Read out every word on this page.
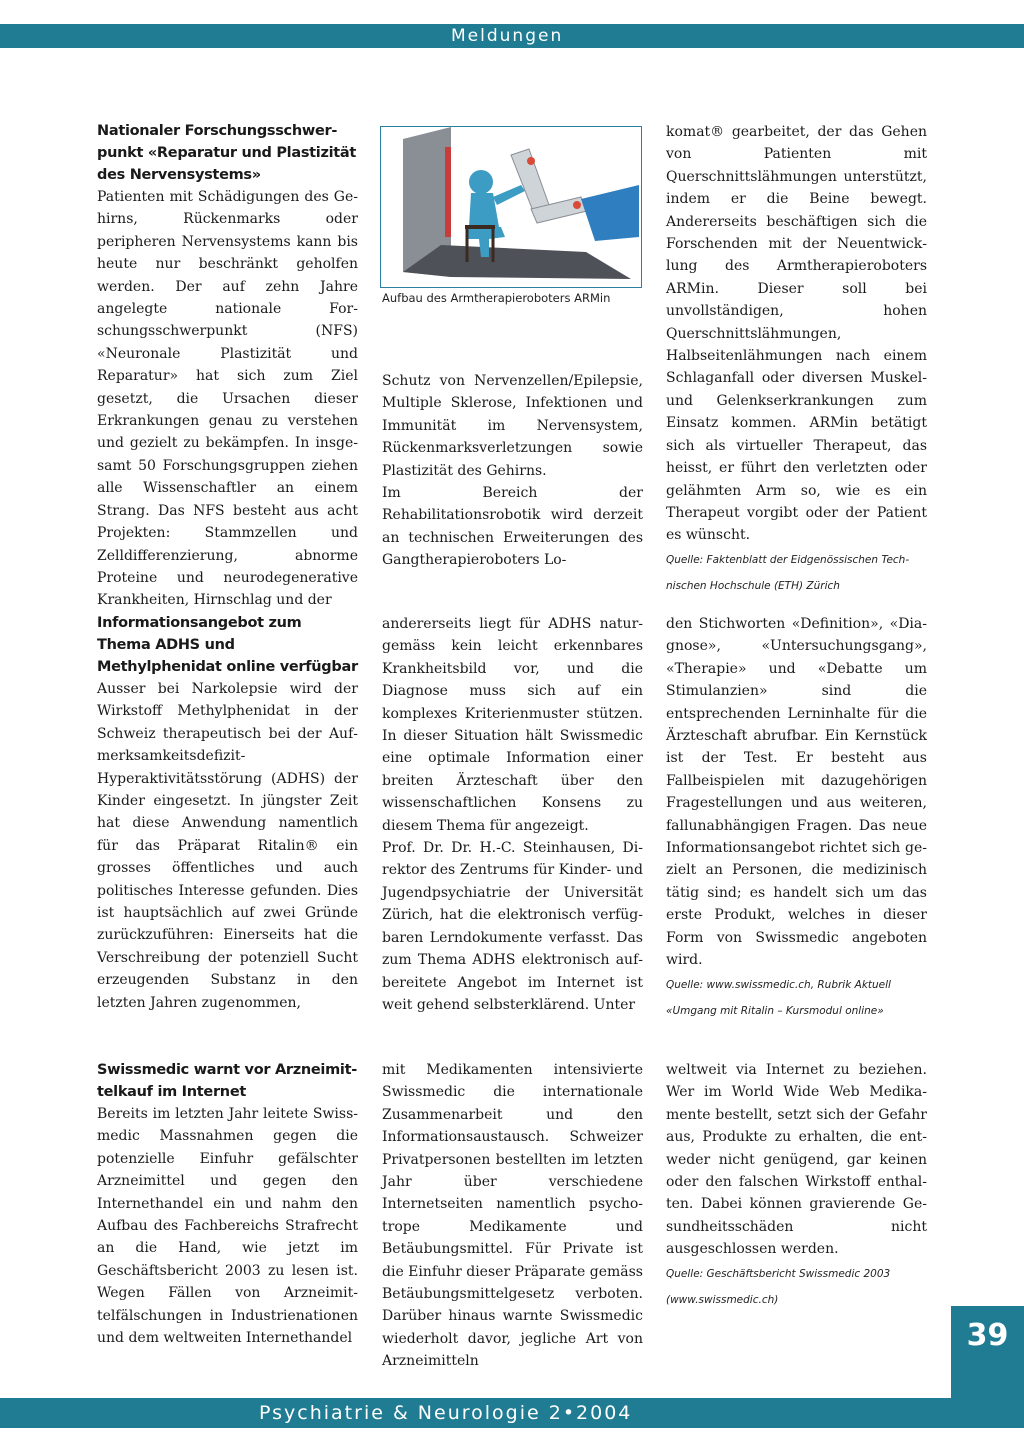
Meldungen

Nationaler Forschungsschwerpunkt «Reparatur und Plastizität des Nervensystems»

Patienten mit Schädigungen des Gehirns, Rückenmarks oder peripheren Nervensystems kann bis heute nur beschränkt geholfen werden. Der auf zehn Jahre angelegte nationale Forschungsschwerpunkt (NFS) «Neuronale Plastizität und Reparatur» hat sich zum Ziel gesetzt, die Ursachen dieser Erkrankungen genau zu verstehen und gezielt zu bekämpfen. In insgesamt 50 Forschungsgruppen ziehen alle Wissenschaftler an einem Strang. Das NFS besteht aus acht Projekten: Stammzellen und Zelldifferenzierung, abnorme Proteine und neurodegenerative Krankheiten, Hirnschlag und der

Aufbau des Armtherapieroboters ARMin

Schutz von Nervenzellen/Epilepsie, Multiple Sklerose, Infektionen und Immunität im Nervensystem, Rückenmarksverletzungen sowie Plastizität des Gehirns.

Im Bereich der Rehabilitationsrobotik wird derzeit an technischen Erweiterungen des Gangtherapieroboters Lo-

komat® gearbeitet, der das Gehen von Patienten mit Querschnittslähmungen unterstützt, indem er die Beine bewegt. Andererseits beschäftigen sich die Forschenden mit der Neuentwicklung des Armtherapieroboters ARMin. Dieser soll bei unvollständigen, hohen Querschnittslähmungen, Halbseitenlähmungen nach einem Schlaganfall oder diversen Muskel- und Gelenkserkrankungen zum Einsatz kommen. ARMin betätigt sich als virtueller Therapeut, das heisst, er führt den verletzten oder gelähmten Arm so, wie es ein Therapeut vorgibt oder der Patient es wünscht.

Quelle: Faktenblatt der Eidgenössischen Technischen Hochschule (ETH) Zürich

Informationsangebot zum Thema ADHS und Methylphenidat online verfügbar

Ausser bei Narkolepsie wird der Wirkstoff Methylphenidat in der Schweiz therapeutisch bei der Aufmerksamkeitsdefizit-Hyperaktivitätsstörung (ADHS) der Kinder eingesetzt. In jüngster Zeit hat diese Anwendung namentlich für das Präparat Ritalin® ein grosses öffentliches und auch politisches Interesse gefunden. Dies ist hauptsächlich auf zwei Gründe zurückzuführen: Einerseits hat die Verschreibung der potenziell Sucht erzeugenden Substanz in den letzten Jahren zugenommen,

andererseits liegt für ADHS naturgemäss kein leicht erkennbares Krankheitsbild vor, und die Diagnose muss sich auf ein komplexes Kriterienmuster stützen. In dieser Situation hält Swissmedic eine optimale Information einer breiten Ärzteschaft über den wissenschaftlichen Konsens zu diesem Thema für angezeigt.

Prof. Dr. Dr. H.-C. Steinhausen, Direktor des Zentrums für Kinder- und Jugendpsychiatrie der Universität Zürich, hat die elektronisch verfügbaren Lerndokumente verfasst. Das zum Thema ADHS elektronisch aufbereitete Angebot im Internet ist weit gehend selbsterklärend. Unter

den Stichworten «Definition», «Diagnose», «Untersuchungsgang», «Therapie» und «Debatte um Stimulanzien» sind die entsprechenden Lerninhalte für die Ärzteschaft abrufbar. Ein Kernstück ist der Test. Er besteht aus Fallbeispielen mit dazugehörigen Fragestellungen und aus weiteren, fallunabhängigen Fragen. Das neue Informationsangebot richtet sich gezielt an Personen, die medizinisch tätig sind; es handelt sich um das erste Produkt, welches in dieser Form von Swissmedic angeboten wird.

Quelle: www.swissmedic.ch, Rubrik Aktuell «Umgang mit Ritalin – Kursmodul online»

Swissmedic warnt vor Arzneimittelkauf im Internet

Bereits im letzten Jahr leitete Swissmedic Massnahmen gegen die potenzielle Einfuhr gefälschter Arzneimittel und gegen den Internethandel ein und nahm den Aufbau des Fachbereichs Strafrecht an die Hand, wie jetzt im Geschäftsbericht 2003 zu lesen ist. Wegen Fällen von Arzneimittelfälschungen in Industrienationen und dem weltweiten Internethandel

mit Medikamenten intensivierte Swissmedic die internationale Zusammenarbeit und den Informationsaustausch. Schweizer Privatpersonen bestellten im letzten Jahr über verschiedene Internetseiten namentlich psychotrope Medikamente und Betäubungsmittel. Für Private ist die Einfuhr dieser Präparate gemäss Betäubungsmittelgesetz verboten. Darüber hinaus warnte Swissmedic wiederholt davor, jegliche Art von Arzneimitteln

weltweit via Internet zu beziehen. Wer im World Wide Web Medikamente bestellt, setzt sich der Gefahr aus, Produkte zu erhalten, die entweder nicht genügend, gar keinen oder den falschen Wirkstoff enthalten. Dabei können gravierende Gesundheitsschäden nicht ausgeschlossen werden.

Quelle: Geschäftsbericht Swissmedic 2003 (www.swissmedic.ch)

39
Psychiatrie & Neurologie 2•2004
